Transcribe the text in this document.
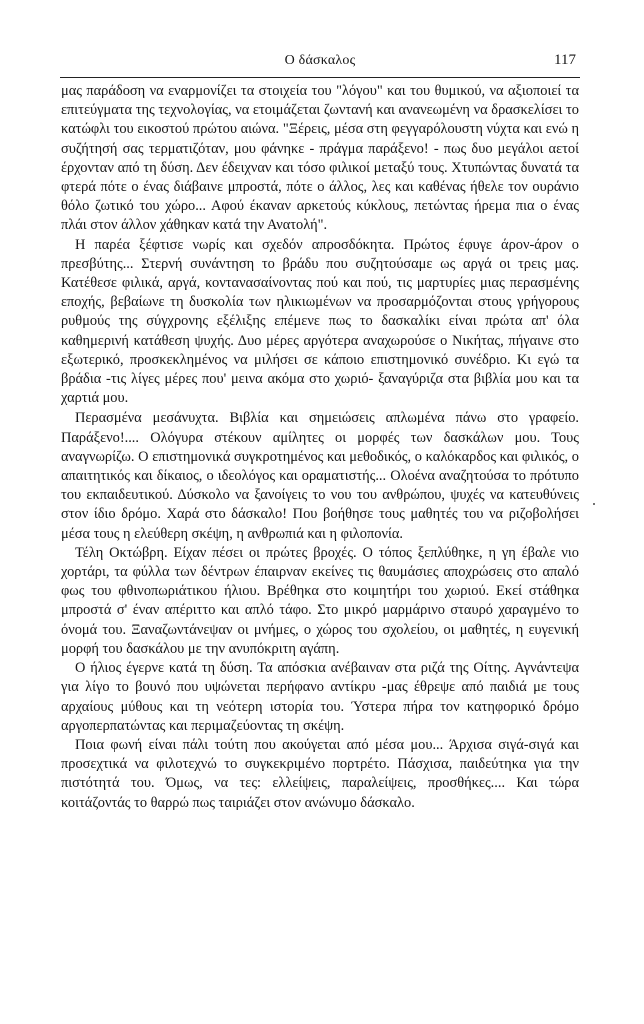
Ο δάσκαλος	117

μας παράδοση να εναρμονίζει τα στοιχεία του "λόγου" και του θυμικού, να αξιοποιεί τα επιτεύγματα της τεχνολογίας, να ετοιμάζεται ζωντανή και ανανεωμένη να δρασκελίσει το κατώφλι του εικοστού πρώτου αιώνα. "Ξέρεις, μέσα στη φεγγαρόλουστη νύχτα και ενώ η συζήτησή σας τερματιζόταν, μου φάνηκε - πράγμα παράξενο! - πως δυο μεγάλοι αετοί έρχονταν από τη δύση. Δεν έδειχναν και τόσο φιλικοί μεταξύ τους. Χτυπώντας δυνατά τα φτερά πότε ο ένας διάβαινε μπροστά, πότε ο άλλος, λες και καθένας ήθελε τον ουράνιο θόλο ζωτικό του χώρο... Αφού έκαναν αρκετούς κύκλους, πετώντας ήρεμα πια ο ένας πλάι στον άλλον χάθηκαν κατά την Ανατολή".

Η παρέα ξέφτισε νωρίς και σχεδόν απροσδόκητα. Πρώτος έφυγε άρον-άρον ο πρεσβύτης... Στερνή συνάντηση το βράδυ που συζητούσαμε ως αργά οι τρεις μας. Κατέθεσε φιλικά, αργά, κοντανασαίνοντας πού και πού, τις μαρτυρίες μιας περασμένης εποχής, βεβαίωνε τη δυσκολία των ηλικιωμένων να προσαρμόζονται στους γρήγορους ρυθμούς της σύγχρονης εξέλιξης επέμενε πως το δασκαλίκι είναι πρώτα απ' όλα καθημερινή κατάθεση ψυχής. Δυο μέρες αργότερα αναχωρούσε ο Νικήτας, πήγαινε στο εξωτερικό, προσκεκλημένος να μιλήσει σε κάποιο επιστημονικό συνέδριο. Κι εγώ τα βράδια -τις λίγες μέρες που' μεινα ακόμα στο χωριό- ξαναγύριζα στα βιβλία μου και τα χαρτιά μου.

Περασμένα μεσάνυχτα. Βιβλία και σημειώσεις απλωμένα πάνω στο γραφείο. Παράξενο!.... Ολόγυρα στέκουν αμίλητες οι μορφές των δασκάλων μου. Τους αναγνωρίζω. Ο επιστημονικά συγκροτημένος και μεθοδικός, ο καλόκαρδος και φιλικός, ο απαιτητικός και δίκαιος, ο ιδεολόγος και οραματιστής... Ολοένα αναζητούσα το πρότυπο του εκπαιδευτικού. Δύσκολο να ξανοίγεις το νου του ανθρώπου, ψυχές να κατευθύνεις στον ίδιο δρόμο. Χαρά στο δάσκαλο! Που βοήθησε τους μαθητές του να ριζοβολήσει μέσα τους η ελεύθερη σκέψη, η ανθρωπιά και η φιλοπονία.

Τέλη Οκτώβρη. Είχαν πέσει οι πρώτες βροχές. Ο τόπος ξεπλύθηκε, η γη έβαλε νιο χορτάρι, τα φύλλα των δέντρων έπαιρναν εκείνες τις θαυμάσιες αποχρώσεις στο απαλό φως του φθινοπωριάτικου ήλιου. Βρέθηκα στο κοιμητήρι του χωριού. Εκεί στάθηκα μπροστά σ' έναν απέριττο και απλό τάφο. Στο μικρό μαρμάρινο σταυρό χαραγμένο το όνομά του. Ξαναζωντάνεψαν οι μνήμες, ο χώρος του σχολείου, οι μαθητές, η ευγενική μορφή του δασκάλου με την ανυπόκριτη αγάπη.

Ο ήλιος έγερνε κατά τη δύση. Τα απόσκια ανέβαιναν στα ριζά της Οίτης. Αγνάντεψα για λίγο το βουνό που υψώνεται περήφανο αντίκρυ -μας έθρεψε από παιδιά με τους αρχαίους μύθους και τη νεότερη ιστορία του. Ύστερα πήρα τον κατηφορικό δρόμο αργοπερπατώντας και περιμαζεύοντας τη σκέψη.

Ποια φωνή είναι πάλι τούτη που ακούγεται από μέσα μου... Άρχισα σιγά-σιγά και προσεχτικά να φιλοτεχνώ το συγκεκριμένο πορτρέτο. Πάσχισα, παιδεύτηκα για την πιστότητά του. Όμως, να τες: ελλείψεις, παραλείψεις, προσθήκες.... Και τώρα κοιτάζοντάς το θαρρώ πως ταιριάζει στον ανώνυμο δάσκαλο.
